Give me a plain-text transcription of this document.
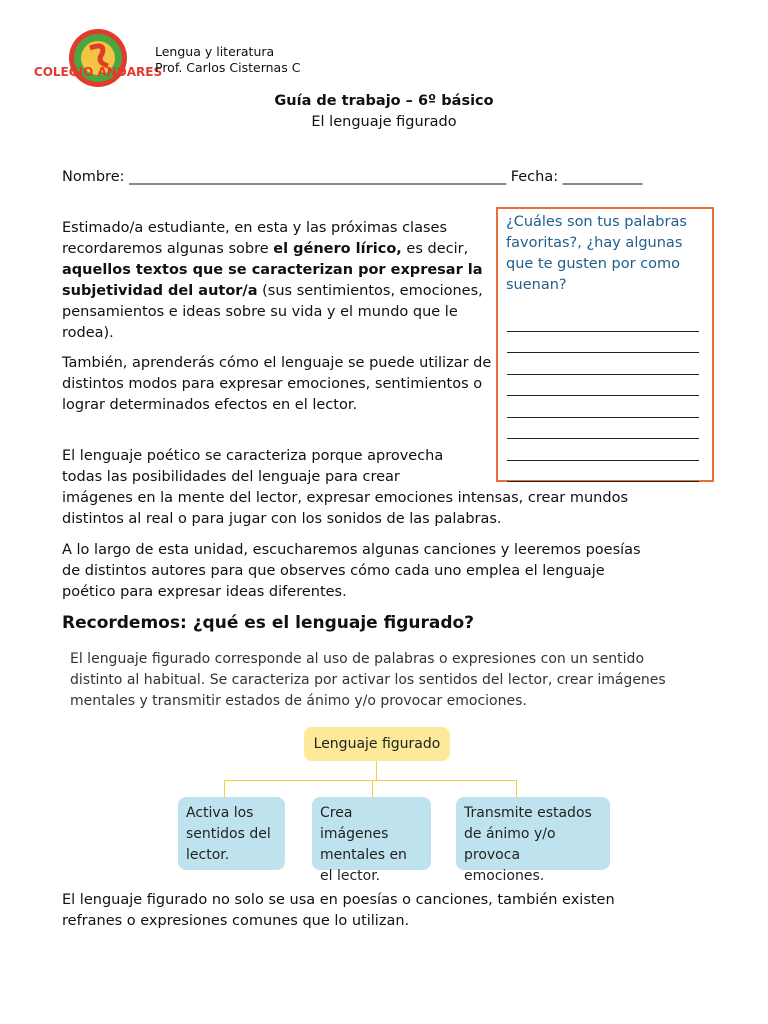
COLEGIO ANDARES
Lengua y literatura
Prof. Carlos Cisternas C
Guía de trabajo – 6º básico
El lenguaje figurado
Nombre: ____________________________________________________ Fecha: ___________
Estimado/a estudiante, en esta y las próximas clases recordaremos algunas sobre el género lírico, es decir, aquellos textos que se caracterizan por expresar la subjetividad del autor/a (sus sentimientos, emociones, pensamientos e ideas sobre su vida y el mundo que le rodea).
También, aprenderás cómo el lenguaje se puede utilizar de distintos modos para expresar emociones, sentimientos o lograr determinados efectos en el lector.
El lenguaje poético se caracteriza porque aprovecha todas las posibilidades del lenguaje para crear
imágenes en la mente del lector, expresar emociones intensas, crear mundos distintos al real o para jugar con los sonidos de las palabras.
A lo largo de esta unidad, escucharemos algunas canciones y leeremos poesías de distintos autores para que observes cómo cada uno emplea el lenguaje poético para expresar ideas diferentes.
¿Cuáles son tus palabras favoritas?, ¿hay algunas que te gusten por como suenan?
Recordemos: ¿qué es el lenguaje figurado?
El lenguaje figurado corresponde al uso de palabras o expresiones con un sentido distinto al habitual. Se caracteriza por activar los sentidos del lector, crear imágenes mentales y transmitir estados de ánimo y/o provocar emociones.
Lenguaje figurado
Activa los sentidos del lector.
Crea imágenes mentales en el lector.
Transmite estados de ánimo y/o provoca emociones.
El lenguaje figurado no solo se usa en poesías o canciones, también existen refranes o expresiones comunes que lo utilizan.
